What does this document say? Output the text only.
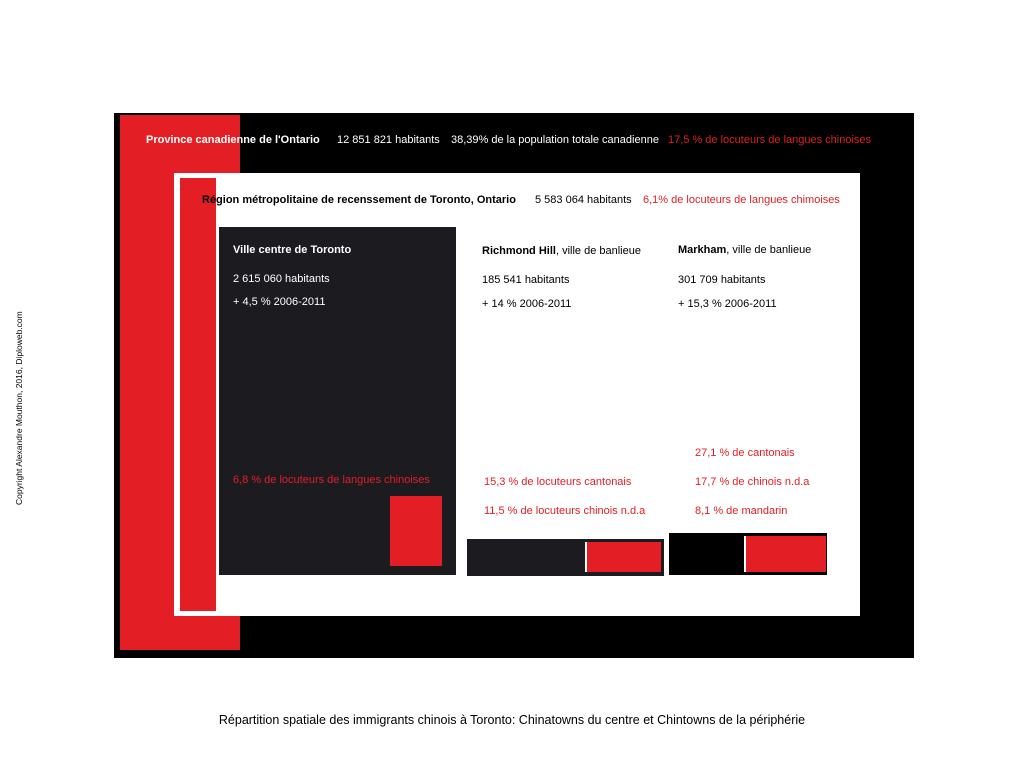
Province canadienne de l'Ontario 12 851 821 habitants 38,39% de la population totale canadienne 17,5 % de locuteurs de langues chinoises
Région métropolitaine de recenssement de Toronto, Ontario 5 583 064 habitants 6,1% de locuteurs de langues chimoises
Ville centre de Toronto
2 615 060 habitants
+ 4,5 % 2006-2011
6,8 % de locuteurs de langues chinoises
Richmond Hill, ville de banlieue
185 541 habitants
+ 14 % 2006-2011
15,3 % de locuteurs cantonais
11,5 % de locuteurs chinois n.d.a
Markham, ville de banlieue
301 709 habitants
+ 15,3 % 2006-2011
27,1 % de cantonais
17,7 % de chinois n.d.a
8,1 % de mandarin
Copyright Alexandre Mouthon, 2016, Diploweb.com
Répartition spatiale des immigrants chinois à Toronto: Chinatowns du centre et Chintowns de la périphérie
